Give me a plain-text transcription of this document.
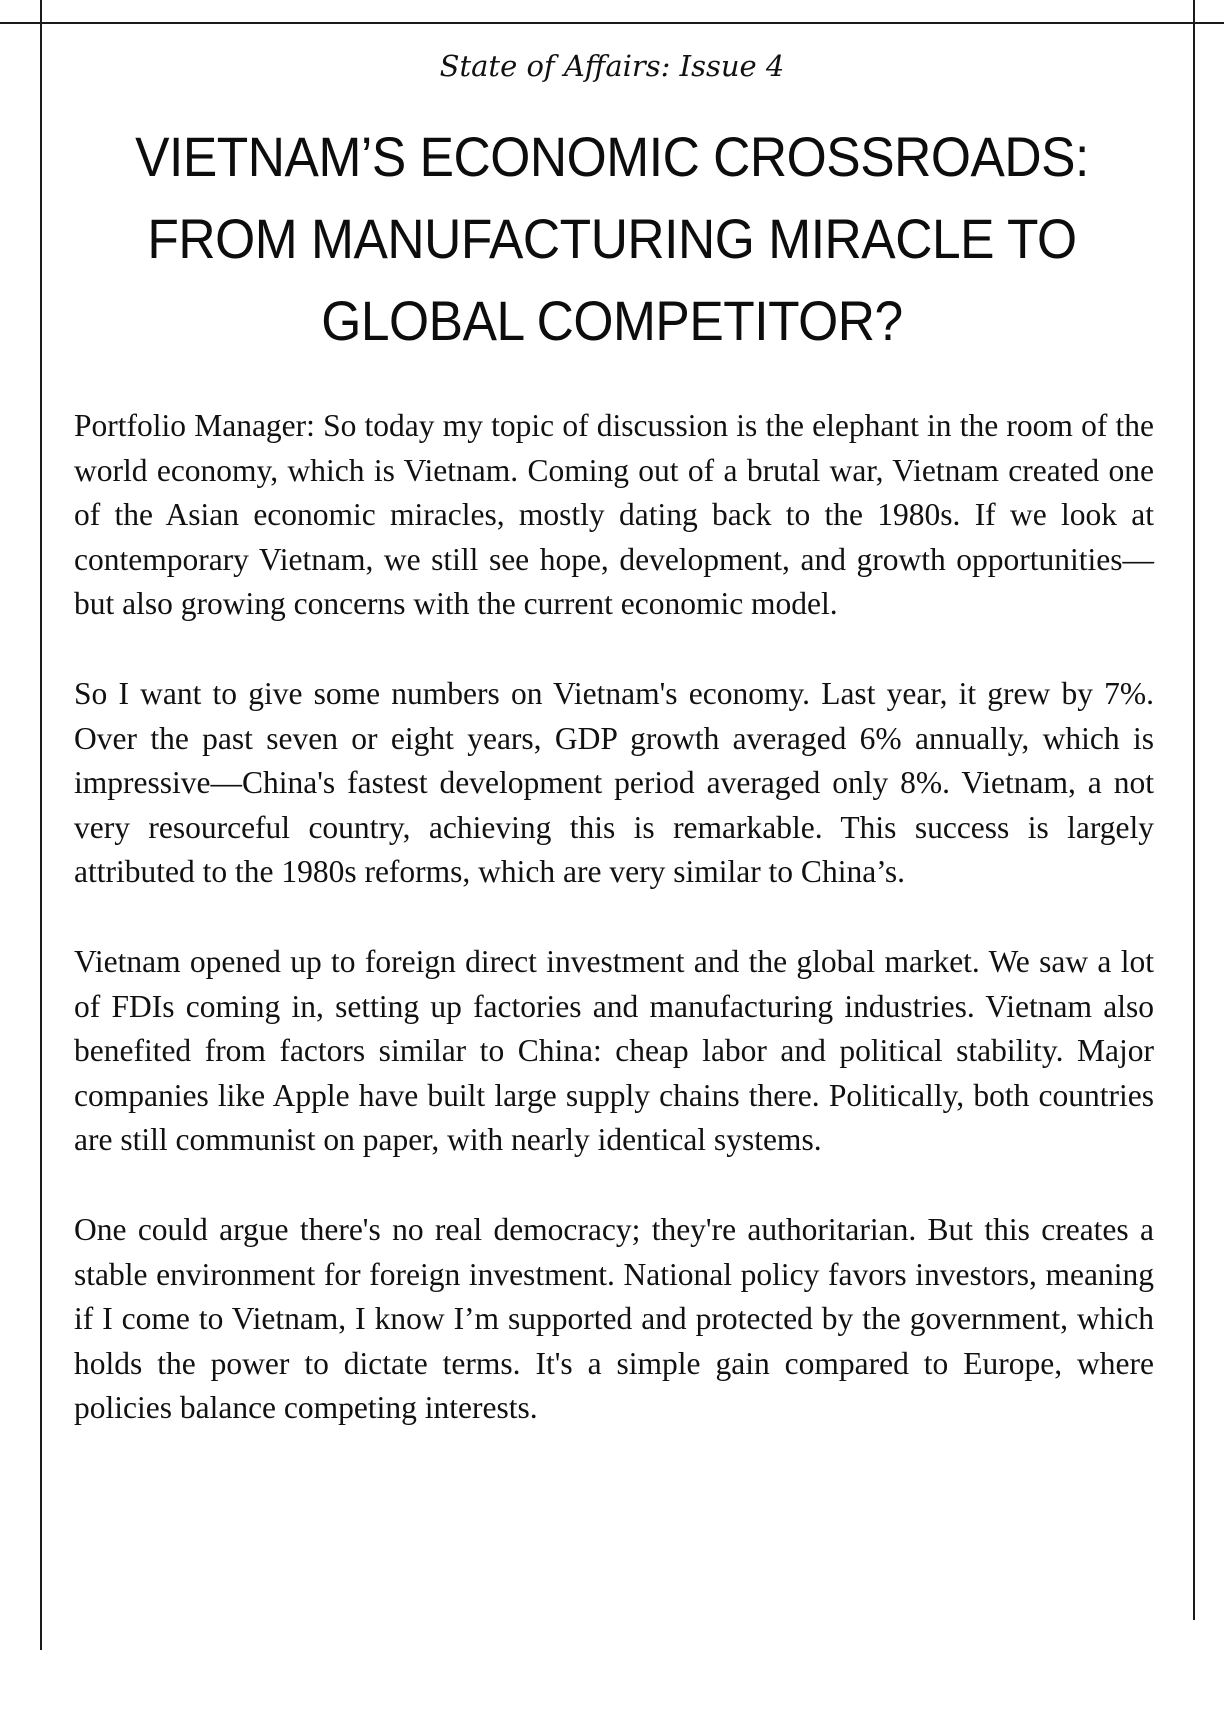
State of Affairs: Issue 4
VIETNAM’S ECONOMIC CROSSROADS: FROM MANUFACTURING MIRACLE TO GLOBAL COMPETITOR?

Portfolio Manager: So today my topic of discussion is the elephant in the room of the world economy, which is Vietnam. Coming out of a brutal war, Vietnam created one of the Asian economic miracles, mostly dating back to the 1980s. If we look at contemporary Vietnam, we still see hope, development, and growth opportunities—but also growing concerns with the current economic model.

So I want to give some numbers on Vietnam's economy. Last year, it grew by 7%. Over the past seven or eight years, GDP growth averaged 6% annually, which is impressive—China's fastest development period averaged only 8%. Vietnam, a not very resourceful country, achieving this is remarkable. This success is largely attributed to the 1980s reforms, which are very similar to China’s.

Vietnam opened up to foreign direct investment and the global market. We saw a lot of FDIs coming in, setting up factories and manufacturing industries. Vietnam also benefited from factors similar to China: cheap labor and political stability. Major companies like Apple have built large supply chains there. Politically, both countries are still communist on paper, with nearly identical systems.

One could argue there's no real democracy; they're authoritarian. But this creates a stable environment for foreign investment. National policy favors investors, meaning if I come to Vietnam, I know I’m supported and protected by the government, which holds the power to dictate terms. It's a simple gain compared to Europe, where policies balance competing interests.
